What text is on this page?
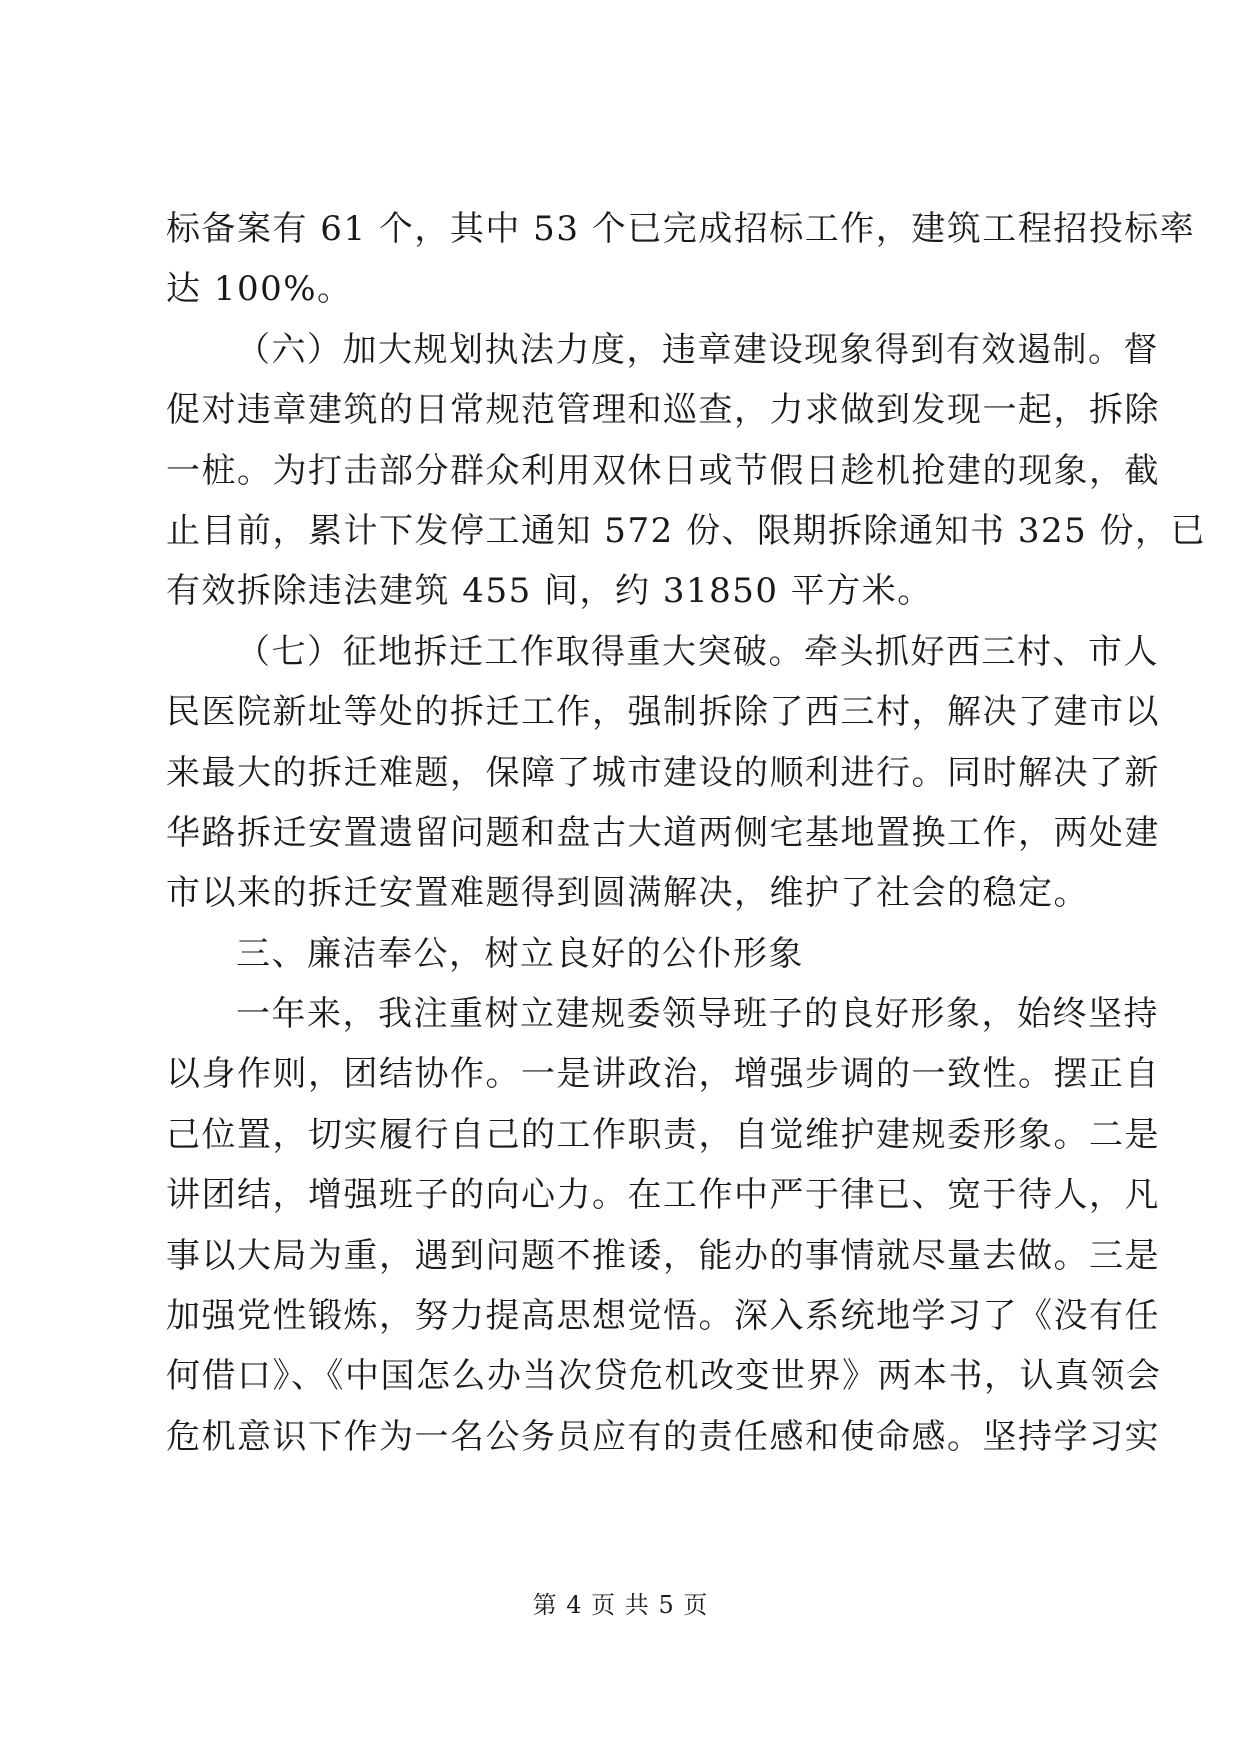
标备案有 61 个，其中 53 个已完成招标工作，建筑工程招投标率
达 100%。
（六）加大规划执法力度，违章建设现象得到有效遏制。督
促对违章建筑的日常规范管理和巡查，力求做到发现一起，拆除
一桩。为打击部分群众利用双休日或节假日趁机抢建的现象，截
止目前，累计下发停工通知 572 份、限期拆除通知书 325 份，已
有效拆除违法建筑 455 间，约 31850 平方米。
（七）征地拆迁工作取得重大突破。牵头抓好西三村、市人
民医院新址等处的拆迁工作，强制拆除了西三村，解决了建市以
来最大的拆迁难题，保障了城市建设的顺利进行。同时解决了新
华路拆迁安置遗留问题和盘古大道两侧宅基地置换工作，两处建
市以来的拆迁安置难题得到圆满解决，维护了社会的稳定。
三、廉洁奉公，树立良好的公仆形象
一年来，我注重树立建规委领导班子的良好形象，始终坚持
以身作则，团结协作。一是讲政治，增强步调的一致性。摆正自
己位置，切实履行自己的工作职责，自觉维护建规委形象。二是
讲团结，增强班子的向心力。在工作中严于律已、宽于待人，凡
事以大局为重，遇到问题不推诿，能办的事情就尽量去做。三是
加强党性锻炼，努力提高思想觉悟。深入系统地学习了《没有任
何借口》、《中国怎么办当次贷危机改变世界》两本书，认真领会
危机意识下作为一名公务员应有的责任感和使命感。坚持学习实
第 4 页 共 5 页
